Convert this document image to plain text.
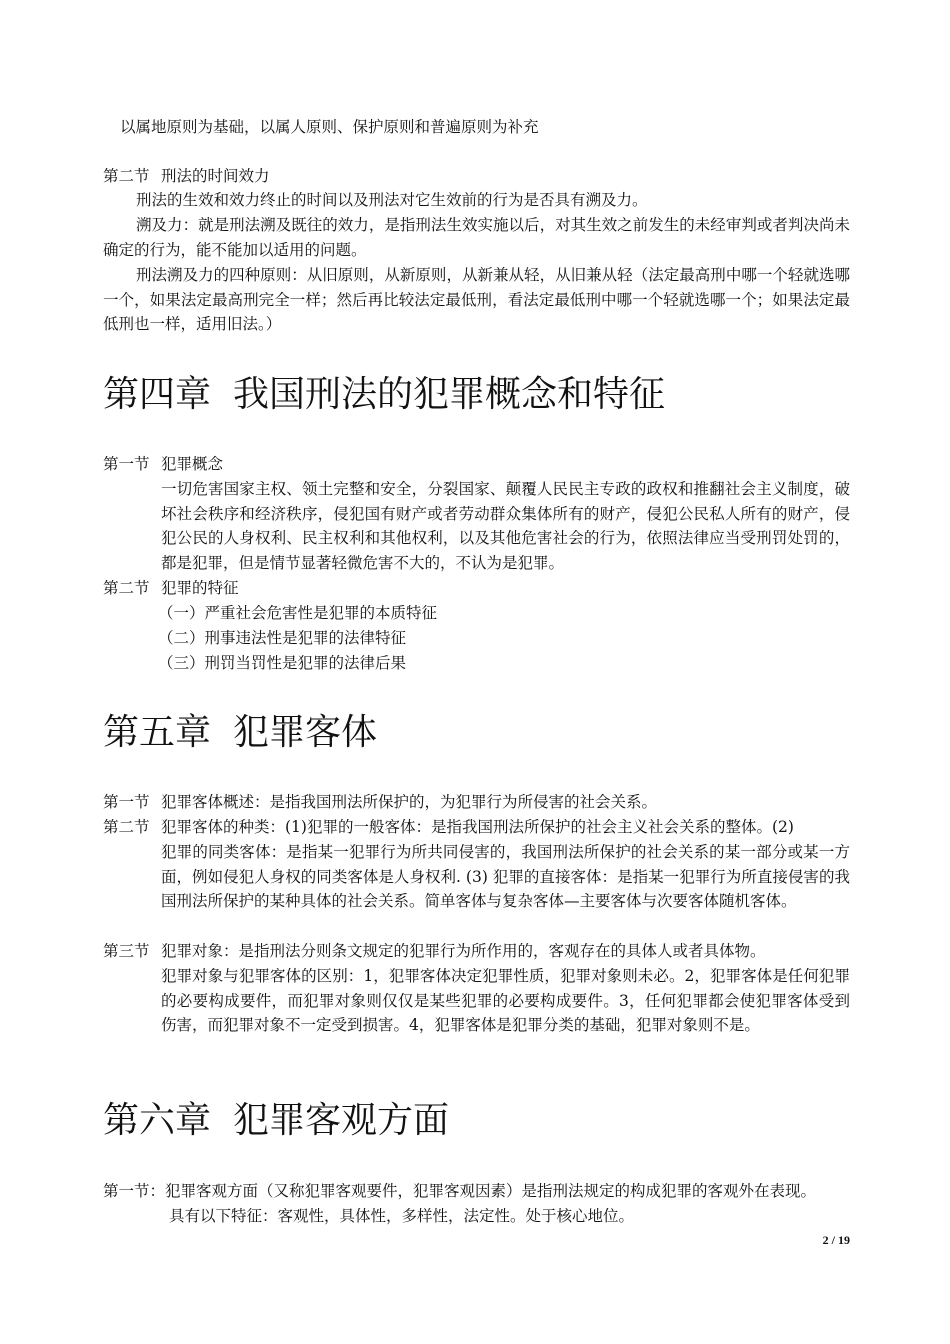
以属地原则为基础，以属人原则、保护原则和普遍原则为补充
第二节 刑法的时间效力
刑法的生效和效力终止的时间以及刑法对它生效前的行为是否具有溯及力。
溯及力：就是刑法溯及既往的效力，是指刑法生效实施以后，对其生效之前发生的未经审判或者判决尚未确定的行为，能不能加以适用的问题。
刑法溯及力的四种原则：从旧原则，从新原则，从新兼从轻，从旧兼从轻（法定最高刑中哪一个轻就选哪一个，如果法定最高刑完全一样；然后再比较法定最低刑，看法定最低刑中哪一个轻就选哪一个；如果法定最低刑也一样，适用旧法。）
第四章 我国刑法的犯罪概念和特征
第一节 犯罪概念
一切危害国家主权、领土完整和安全，分裂国家、颠覆人民民主专政的政权和推翻社会主义制度，破坏社会秩序和经济秩序，侵犯国有财产或者劳动群众集体所有的财产，侵犯公民私人所有的财产，侵犯公民的人身权利、民主权利和其他权利，以及其他危害社会的行为，依照法律应当受刑罚处罚的，都是犯罪，但是情节显著轻微危害不大的，不认为是犯罪。
第二节 犯罪的特征
（一）严重社会危害性是犯罪的本质特征
（二）刑事违法性是犯罪的法律特征
（三）刑罚当罚性是犯罪的法律后果
第五章 犯罪客体
第一节 犯罪客体概述：是指我国刑法所保护的，为犯罪行为所侵害的社会关系。
第二节 犯罪客体的种类：(1)犯罪的一般客体：是指我国刑法所保护的社会主义社会关系的整体。(2)
犯罪的同类客体：是指某一犯罪行为所共同侵害的，我国刑法所保护的社会关系的某一部分或某一方面，例如侵犯人身权的同类客体是人身权利. (3) 犯罪的直接客体：是指某一犯罪行为所直接侵害的我国刑法所保护的某种具体的社会关系。简单客体与复杂客体—主要客体与次要客体随机客体。
第三节 犯罪对象：是指刑法分则条文规定的犯罪行为所作用的，客观存在的具体人或者具体物。
犯罪对象与犯罪客体的区别：1，犯罪客体决定犯罪性质，犯罪对象则未必。2，犯罪客体是任何犯罪的必要构成要件，而犯罪对象则仅仅是某些犯罪的必要构成要件。3，任何犯罪都会使犯罪客体受到伤害，而犯罪对象不一定受到损害。4，犯罪客体是犯罪分类的基础，犯罪对象则不是。
第六章 犯罪客观方面
第一节：犯罪客观方面（又称犯罪客观要件，犯罪客观因素）是指刑法规定的构成犯罪的客观外在表现。
具有以下特征：客观性，具体性，多样性，法定性。处于核心地位。
2 / 19
